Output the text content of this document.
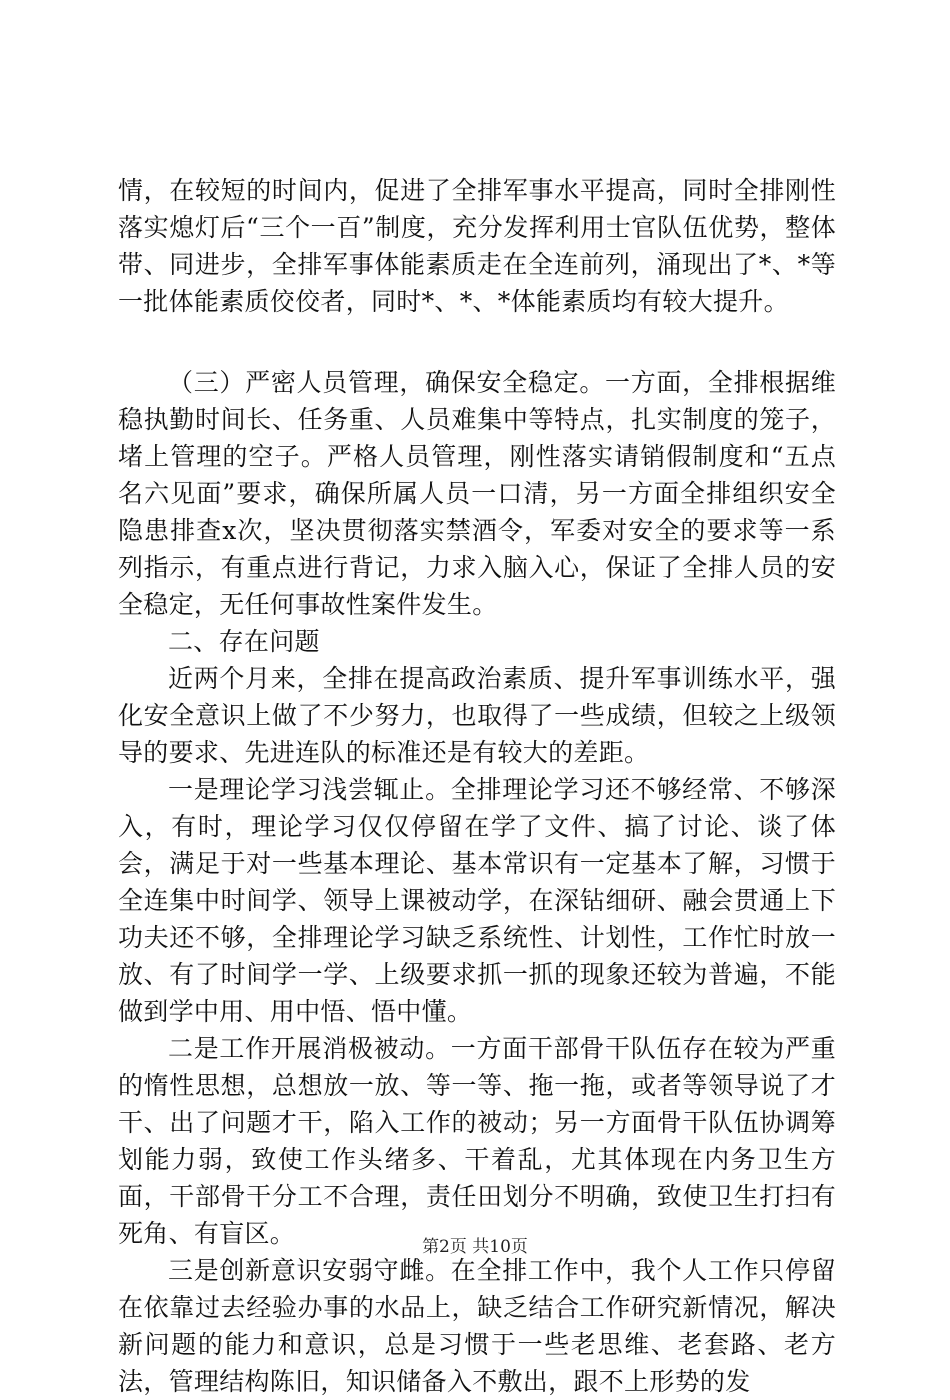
情，在较短的时间内，促进了全排军事水平提高，同时全排刚性落实熄灯后“三个一百”制度，充分发挥利用士官队伍优势，整体带、同进步，全排军事体能素质走在全连前列，涌现出了*、*等一批体能素质佼佼者，同时*、*、*体能素质均有较大提升。

（三）严密人员管理，确保安全稳定。一方面，全排根据维稳执勤时间长、任务重、人员难集中等特点，扎实制度的笼子，堵上管理的空子。严格人员管理，刚性落实请销假制度和“五点名六见面”要求，确保所属人员一口清，另一方面全排组织安全隐患排查x次，坚决贯彻落实禁酒令，军委对安全的要求等一系列指示，有重点进行背记，力求入脑入心，保证了全排人员的安全稳定，无任何事故性案件发生。

二、存在问题

近两个月来，全排在提高政治素质、提升军事训练水平，强化安全意识上做了不少努力，也取得了一些成绩，但较之上级领导的要求、先进连队的标准还是有较大的差距。

一是理论学习浅尝辄止。全排理论学习还不够经常、不够深入，有时，理论学习仅仅停留在学了文件、搞了讨论、谈了体会，满足于对一些基本理论、基本常识有一定基本了解，习惯于全连集中时间学、领导上课被动学，在深钻细研、融会贯通上下功夫还不够，全排理论学习缺乏系统性、计划性，工作忙时放一放、有了时间学一学、上级要求抓一抓的现象还较为普遍，不能做到学中用、用中悟、悟中懂。

二是工作开展消极被动。一方面干部骨干队伍存在较为严重的惰性思想，总想放一放、等一等、拖一拖，或者等领导说了才干、出了问题才干，陷入工作的被动；另一方面骨干队伍协调筹划能力弱，致使工作头绪多、干着乱，尤其体现在内务卫生方面，干部骨干分工不合理，责任田划分不明确，致使卫生打扫有死角、有盲区。

三是创新意识安弱守雌。在全排工作中，我个人工作只停留在依靠过去经验办事的水品上，缺乏结合工作研究新情况，解决新问题的能力和意识，总是习惯于一些老思维、老套路、老方法，管理结构陈旧，知识储备入不敷出，跟不上形势的发

第2页 共10页
